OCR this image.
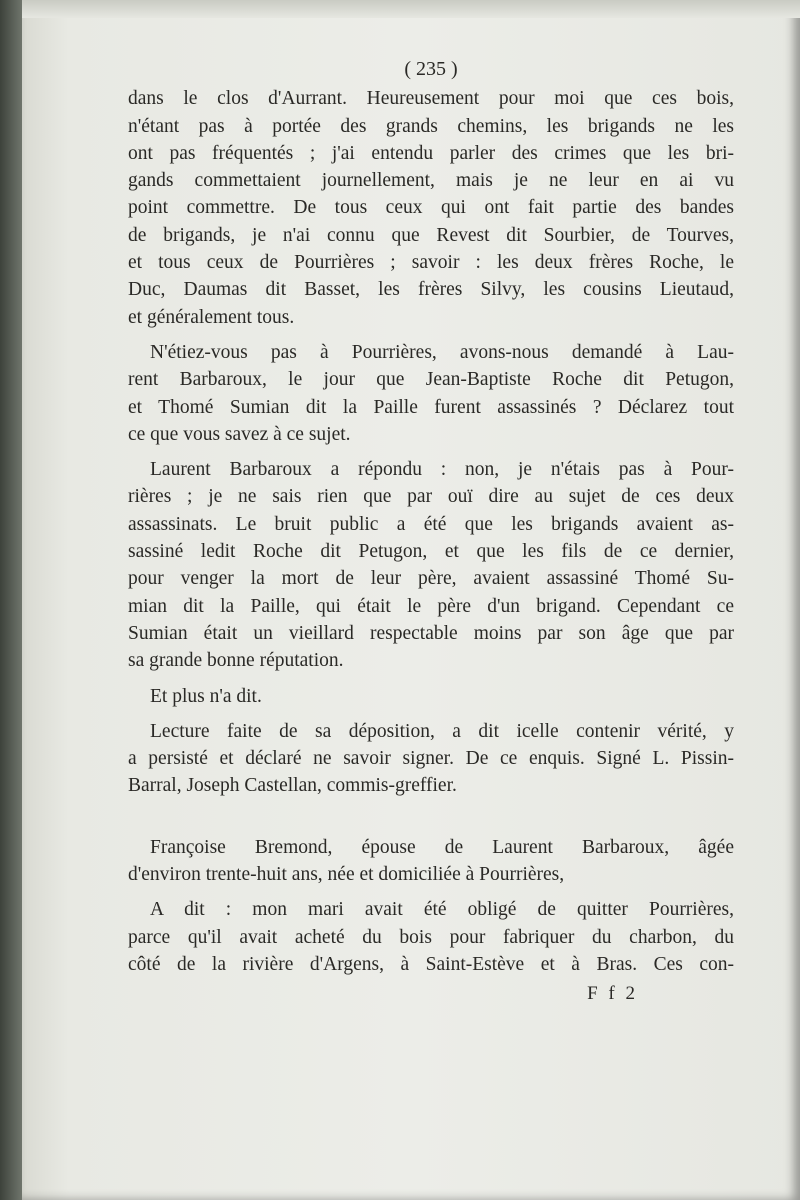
( 235 )
dans le clos d'Aurrant. Heureusement pour moi que ces bois,
n'étant pas à portée des grands chemins, les brigands ne les
ont pas fréquentés ; j'ai entendu parler des crimes que les bri-
gands commettaient journellement, mais je ne leur en ai vu
point commettre. De tous ceux qui ont fait partie des bandes
de brigands, je n'ai connu que Revest dit Sourbier, de Tourves,
et tous ceux de Pourrières ; savoir : les deux frères Roche, le
Duc, Daumas dit Basset, les frères Silvy, les cousins Lieutaud,
et généralement tous.
N'étiez-vous pas à Pourrières, avons-nous demandé à Lau-
rent Barbaroux, le jour que Jean-Baptiste Roche dit Petugon,
et Thomé Sumian dit la Paille furent assassinés ? Déclarez tout
ce que vous savez à ce sujet.
Laurent Barbaroux a répondu : non, je n'étais pas à Pour-
rières ; je ne sais rien que par ouï dire au sujet de ces deux
assassinats. Le bruit public a été que les brigands avaient as-
sassiné ledit Roche dit Petugon, et que les fils de ce dernier,
pour venger la mort de leur père, avaient assassiné Thomé Su-
mian dit la Paille, qui était le père d'un brigand. Cependant ce
Sumian était un vieillard respectable moins par son âge que par
sa grande bonne réputation.
Et plus n'a dit.
Lecture faite de sa déposition, a dit icelle contenir vérité, y
a persisté et déclaré ne savoir signer. De ce enquis. Signé L. Pissin-
Barral, Joseph Castellan, commis-greffier.
Françoise Bremond, épouse de Laurent Barbaroux, âgée
d'environ trente-huit ans, née et domiciliée à Pourrières,
A dit : mon mari avait été obligé de quitter Pourrières,
parce qu'il avait acheté du bois pour fabriquer du charbon, du
côté de la rivière d'Argens, à Saint-Estève et à Bras. Ces con-
F f 2
